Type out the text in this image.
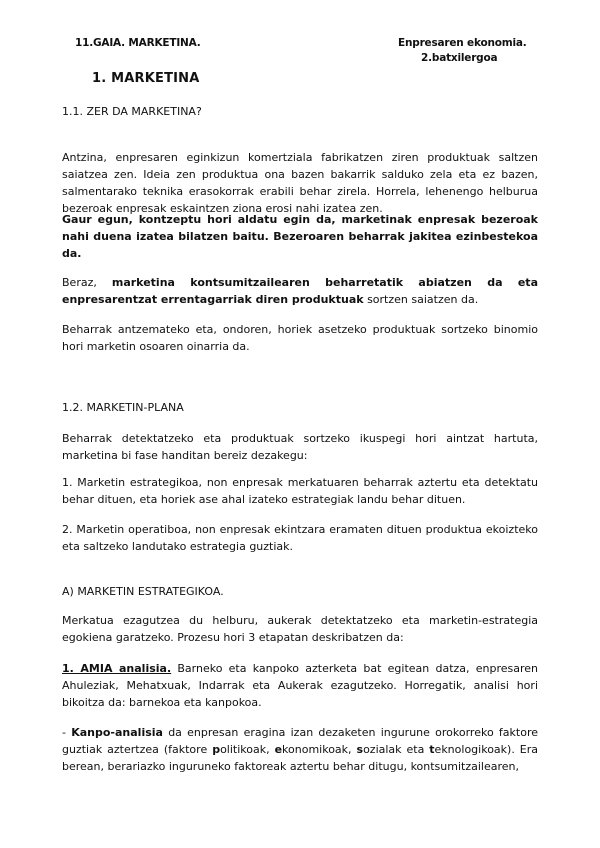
11.GAIA. MARKETINA.	Enpresaren ekonomia.
2.batxilergoa
1. MARKETINA
1.1. ZER DA MARKETINA?

Antzina, enpresaren eginkizun komertziala fabrikatzen ziren produktuak saltzen saiatzea zen. Ideia zen produktua ona bazen bakarrik salduko zela eta ez bazen, salmentarako teknika erasokorrak erabili behar zirela. Horrela, lehenengo helburua bezeroak enpresak eskaintzen ziona erosi nahi izatea zen.

Gaur egun, kontzeptu hori aldatu egin da, marketinak enpresak bezeroak nahi duena izatea bilatzen baitu. Bezeroaren beharrak jakitea ezinbestekoa da.

Beraz, marketina kontsumitzailearen beharretatik abiatzen da eta enpresarentzat errentagarriak diren produktuak sortzen saiatzen da.

Beharrak antzemateko eta, ondoren, horiek asetzeko produktuak sortzeko binomio hori marketin osoaren oinarria da.

1.2. MARKETIN-PLANA

Beharrak detektatzeko eta produktuak sortzeko ikuspegi hori aintzat hartuta, marketina bi fase handitan bereiz dezakegu:

1. Marketin estrategikoa, non enpresak merkatuaren beharrak aztertu eta detektatu behar dituen, eta horiek ase ahal izateko estrategiak landu behar dituen.

2. Marketin operatiboa, non enpresak ekintzara eramaten dituen produktua ekoizteko eta saltzeko landutako estrategia guztiak.

A) MARKETIN ESTRATEGIKOA.

Merkatua ezagutzea du helburu, aukerak detektatzeko eta marketin-estrategia egokiena garatzeko. Prozesu hori 3 etapatan deskribatzen da:

1. AMIA analisia. Barneko eta kanpoko azterketa bat egitean datza, enpresaren Ahuleziak, Mehatxuak, Indarrak eta Aukerak ezagutzeko. Horregatik, analisi hori bikoitza da: barnekoa eta kanpokoa.

- Kanpo-analisia da enpresan eragina izan dezaketen ingurune orokorreko faktore guztiak aztertzea (faktore politikoak, ekonomikoak, sozialak eta teknologikoak). Era berean, berariazko inguruneko faktoreak aztertu behar ditugu, kontsumitzailearen,
